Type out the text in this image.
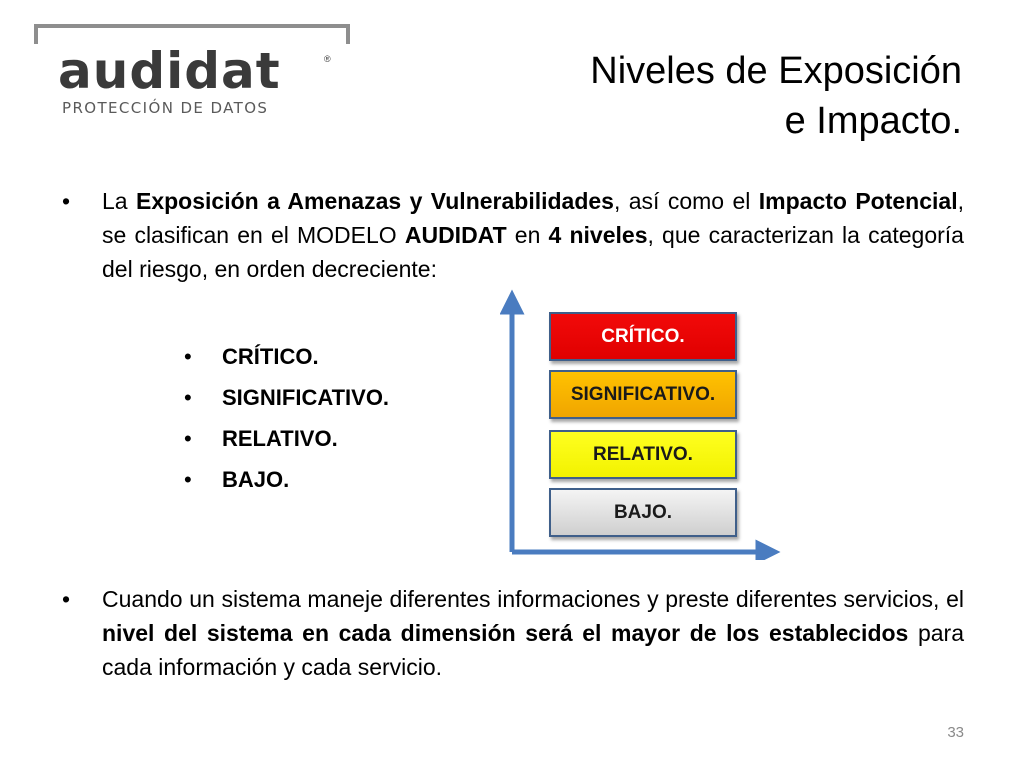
audidat	®
PROTECCIÓN DE DATOS
Niveles de Exposición
e Impacto.
• La Exposición a Amenazas y Vulnerabilidades, así como el Impacto Potencial, se clasifican en el MODELO AUDIDAT en 4 niveles, que caracterizan la categoría del riesgo, en orden decreciente:
• CRÍTICO.
• SIGNIFICATIVO.
• RELATIVO.
• BAJO.
CRÍTICO.
SIGNIFICATIVO.
RELATIVO.
BAJO.
• Cuando un sistema maneje diferentes informaciones y preste diferentes servicios, el nivel del sistema en cada dimensión será el mayor de los establecidos para cada información y cada servicio.
33
